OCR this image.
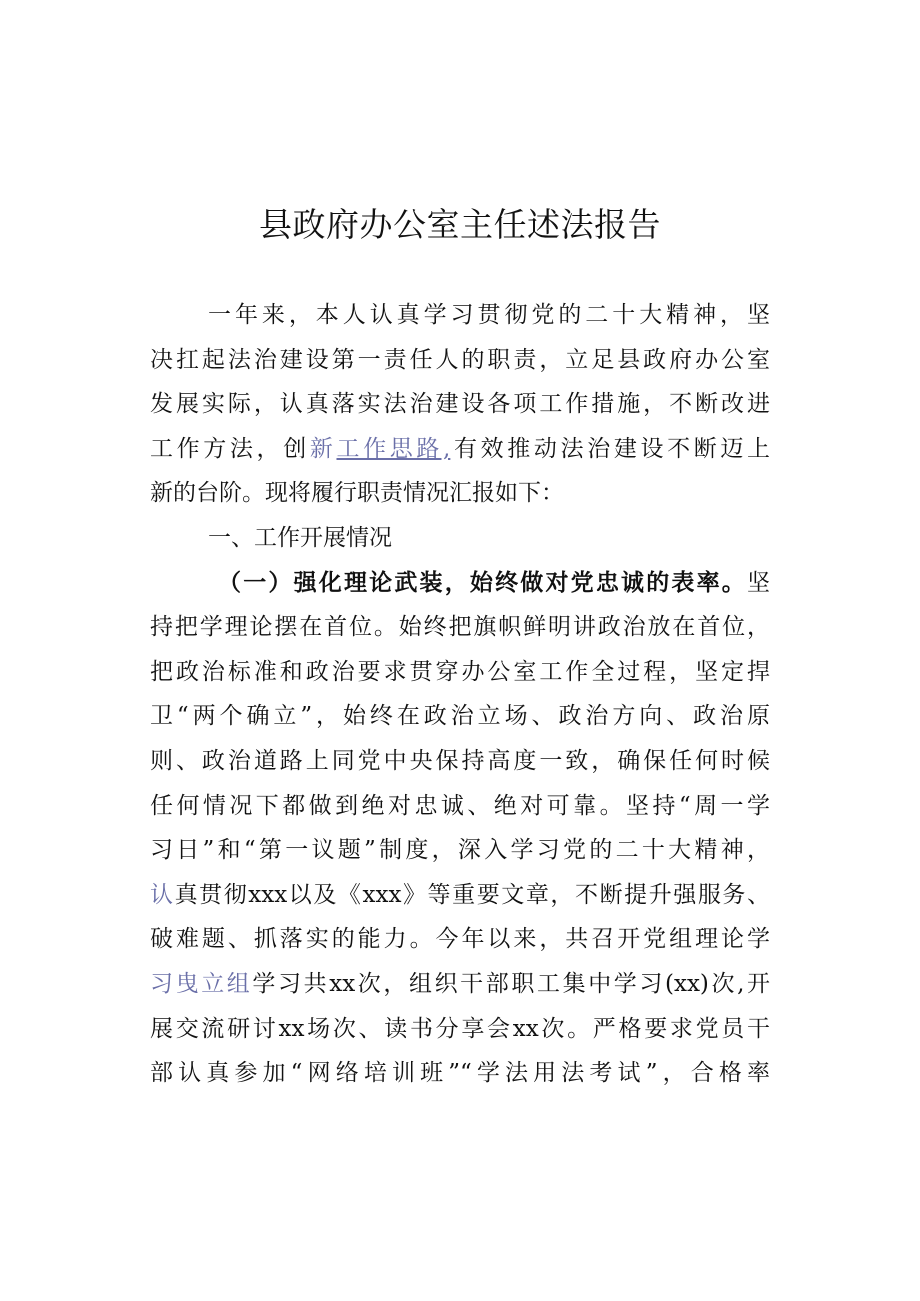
县政府办公室主任述法报告
一年来，本人认真学习贯彻党的二十大精神，坚
决扛起法治建设第一责任人的职责，立足县政府办公室
发展实际，认真落实法治建设各项工作措施，不断改进
工作方法，创新工作思路,有效推动法治建设不断迈上
新的台阶。现将履行职责情况汇报如下：
一、工作开展情况
（一）强化理论武装，始终做对党忠诚的表率。坚
持把学理论摆在首位。始终把旗帜鲜明讲政治放在首位，
把政治标准和政治要求贯穿办公室工作全过程，坚定捍
卫“两个确立”，始终在政治立场、政治方向、政治原
则、政治道路上同党中央保持高度一致，确保任何时候
任何情况下都做到绝对忠诚、绝对可靠。坚持“周一学
习日”和“第一议题”制度，深入学习党的二十大精神，
认真贯彻xxx以及《xxx》等重要文章，不断提升强服务、
破难题、抓落实的能力。今年以来，共召开党组理论学
习曳立组学习共xx次，组织干部职工集中学习(xx)次,开
展交流研讨xx场次、读书分享会xx次。严格要求党员干
部认真参加“网络培训班”“学法用法考试”，合格率
